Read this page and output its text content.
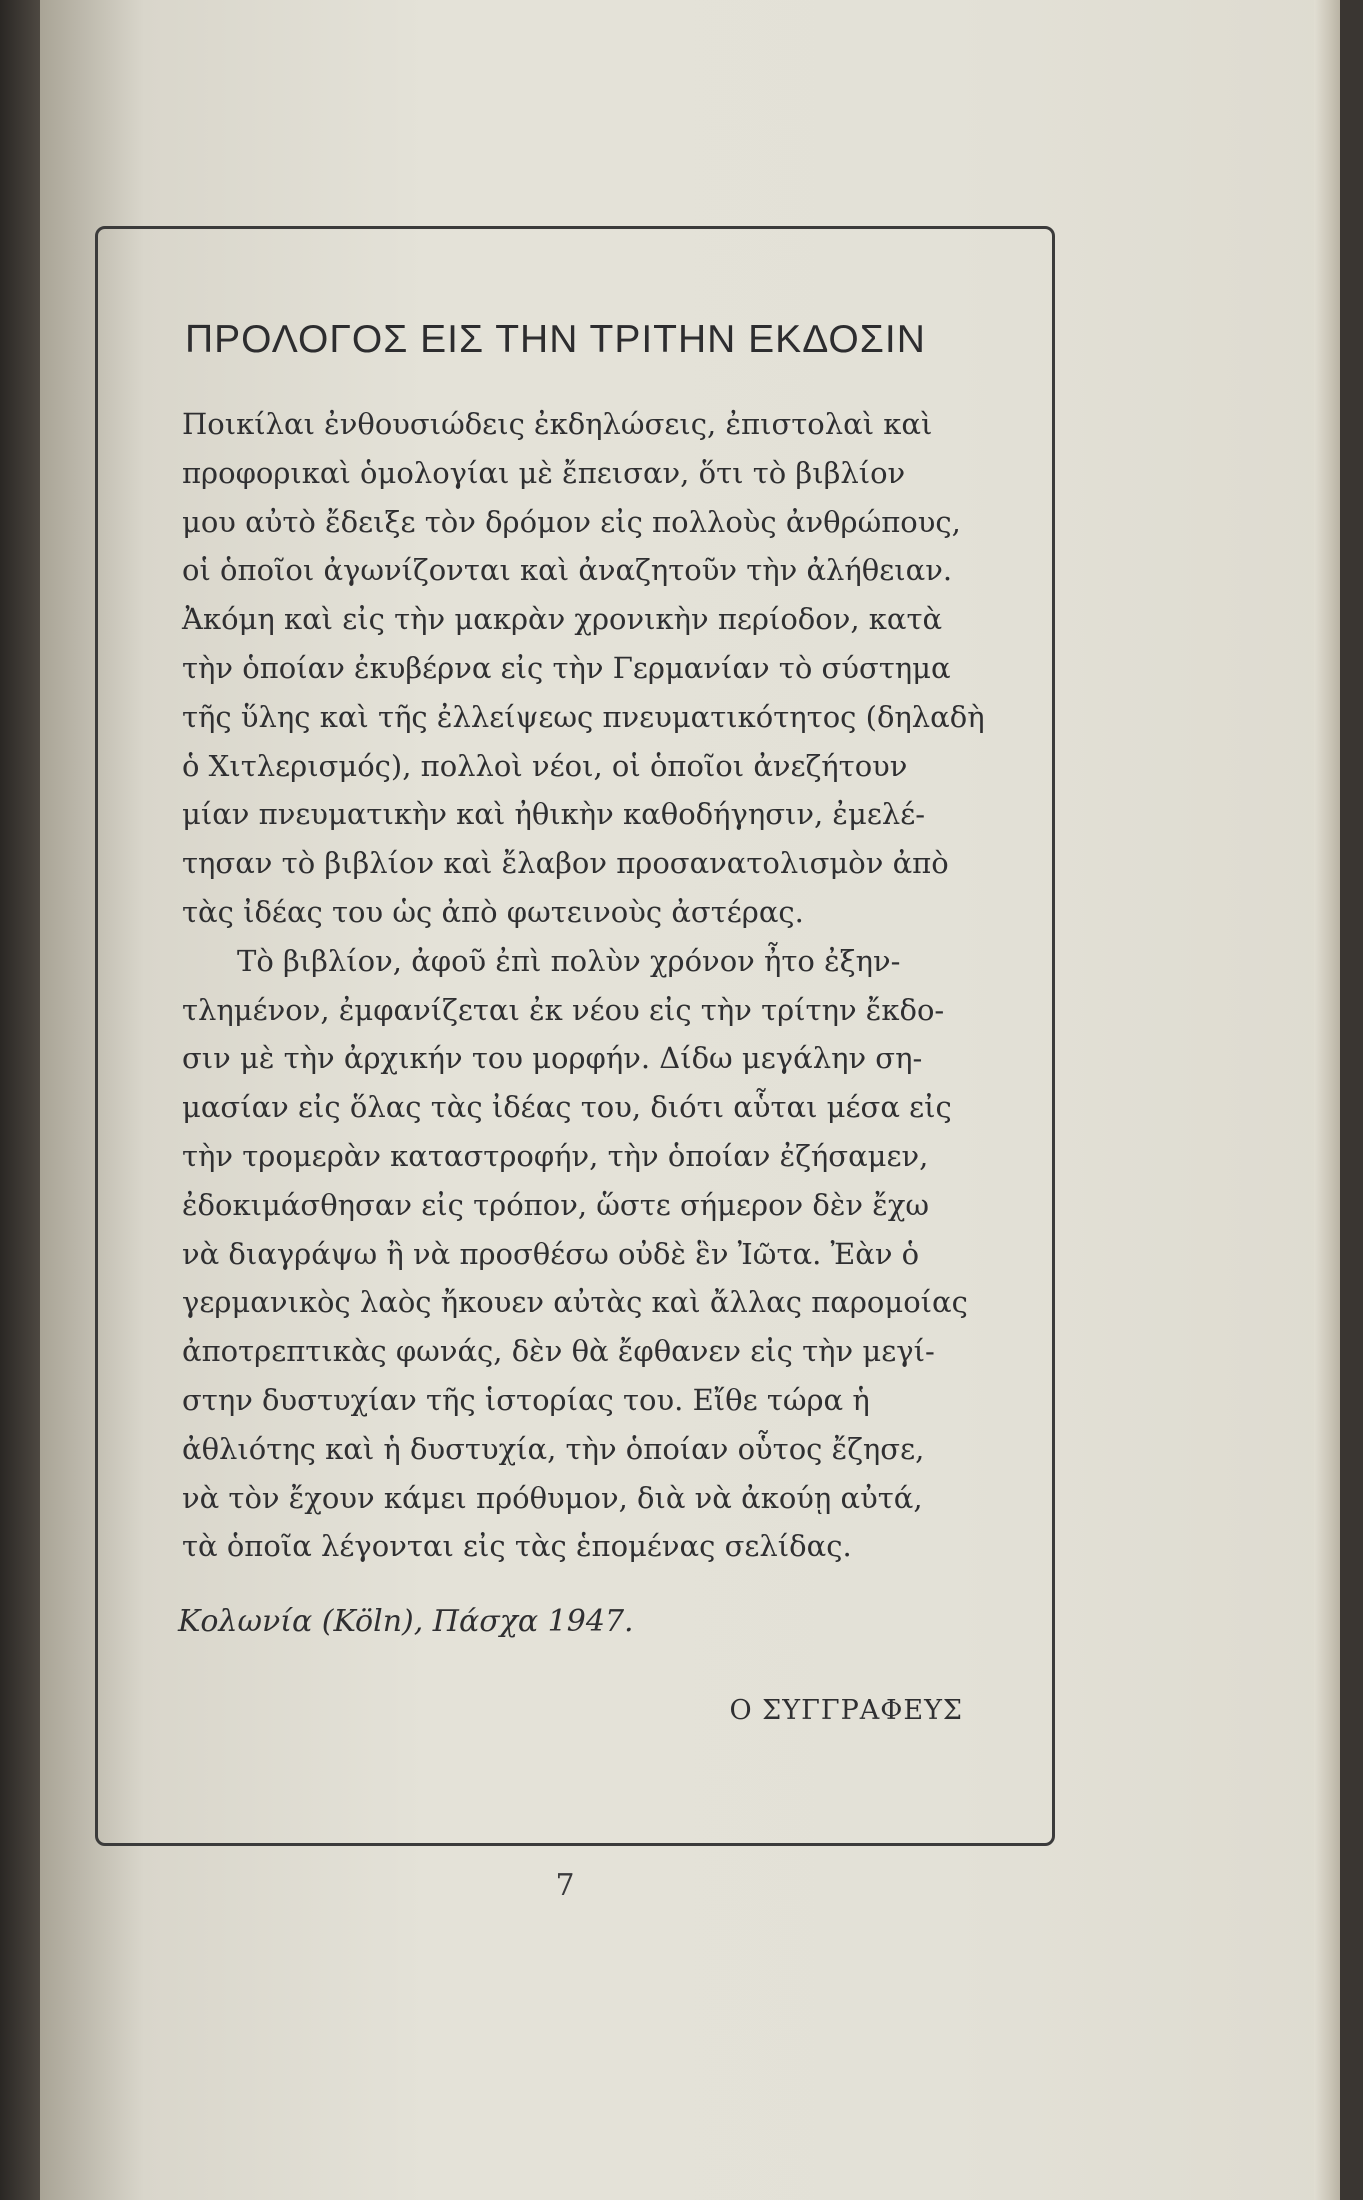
ΠΡΟΛΟΓΟΣ ΕΙΣ ΤΗΝ ΤΡΙΤΗΝ ΕΚΔΟΣΙΝ
Ποικίλαι ἐνθουσιώδεις ἐκδηλώσεις, ἐπιστολαὶ καὶ
προφορικαὶ ὁμολογίαι μὲ ἔπεισαν, ὅτι τὸ βιβλίον
μου αὐτὸ ἔδειξε τὸν δρόμον εἰς πολλοὺς ἀνθρώπους,
οἱ ὁποῖοι ἀγωνίζονται καὶ ἀναζητοῦν τὴν ἀλήθειαν.
Ἀκόμη καὶ εἰς τὴν μακρὰν χρονικὴν περίοδον, κατὰ
τὴν ὁποίαν ἐκυβέρνα εἰς τὴν Γερμανίαν τὸ σύστημα
τῆς ὕλης καὶ τῆς ἐλλείψεως πνευματικότητος (δηλαδὴ
ὁ Χιτλερισμός), πολλοὶ νέοι, οἱ ὁποῖοι ἀνεζήτουν
μίαν πνευματικὴν καὶ ἠθικὴν καθοδήγησιν, ἐμελέ-
τησαν τὸ βιβλίον καὶ ἔλαβον προσανατολισμὸν ἀπὸ
τὰς ἰδέας του ὡς ἀπὸ φωτεινοὺς ἀστέρας.
Τὸ βιβλίον, ἀφοῦ ἐπὶ πολὺν χρόνον ἦτο ἐξην-
τλημένον, ἐμφανίζεται ἐκ νέου εἰς τὴν τρίτην ἔκδο-
σιν μὲ τὴν ἀρχικήν του μορφήν. Δίδω μεγάλην ση-
μασίαν εἰς ὅλας τὰς ἰδέας του, διότι αὗται μέσα εἰς
τὴν τρομερὰν καταστροφήν, τὴν ὁποίαν ἐζήσαμεν,
ἐδοκιμάσθησαν εἰς τρόπον, ὥστε σήμερον δὲν ἔχω
νὰ διαγράψω ἢ νὰ προσθέσω οὐδὲ ἓν Ἰῶτα. Ἐὰν ὁ
γερμανικὸς λαὸς ἤκουεν αὐτὰς καὶ ἄλλας παρομοίας
ἀποτρεπτικὰς φωνάς, δὲν θὰ ἔφθανεν εἰς τὴν μεγί-
στην δυστυχίαν τῆς ἱστορίας του. Εἴθε τώρα ἡ
ἀθλιότης καὶ ἡ δυστυχία, τὴν ὁποίαν οὗτος ἔζησε,
νὰ τὸν ἔχουν κάμει πρόθυμον, διὰ νὰ ἀκούῃ αὐτά,
τὰ ὁποῖα λέγονται εἰς τὰς ἑπομένας σελίδας.
Κολωνία (Köln), Πάσχα 1947.
Ο ΣΥΓΓΡΑΦΕΥΣ
7
